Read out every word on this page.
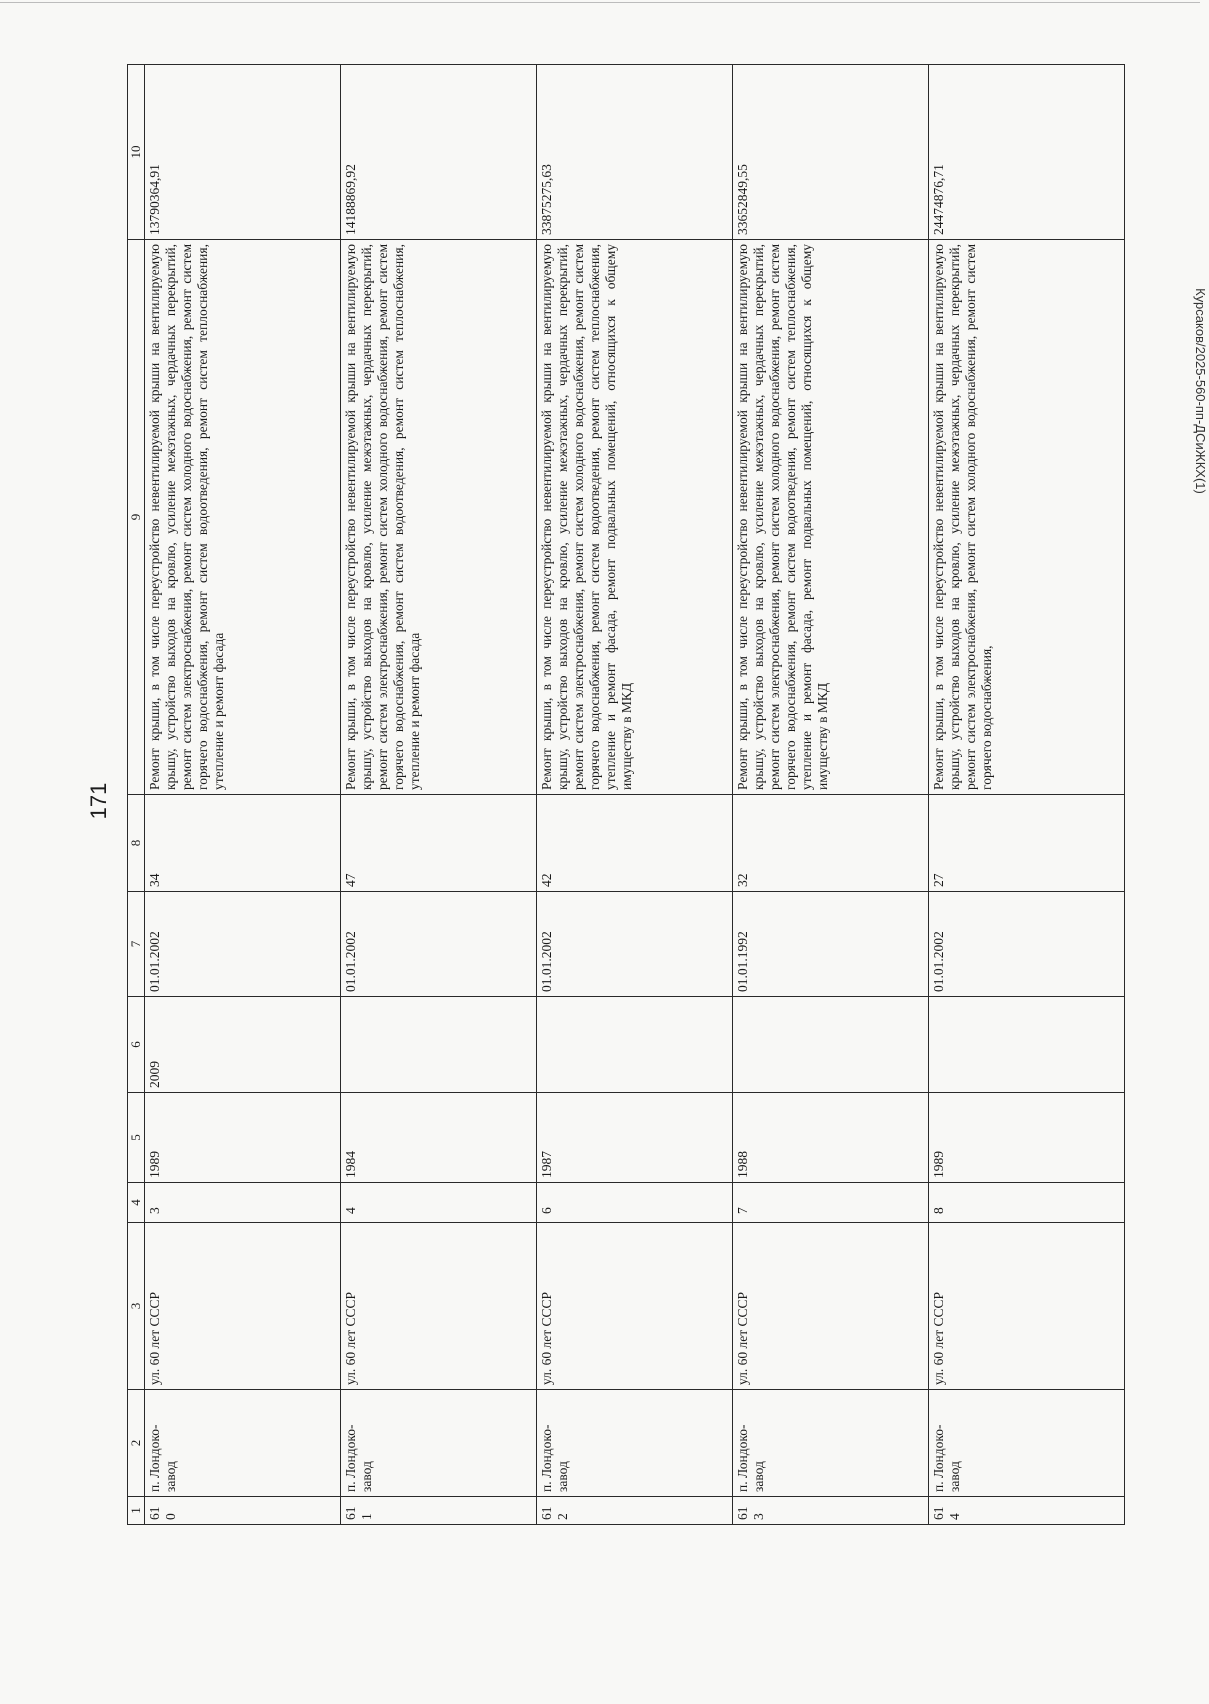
171
1	2	3	4	5	6	7	8	9	10
610	п. Лондоко-завод	ул. 60 лет СССР	3	1989	2009	01.01.2002	34	Ремонт крыши, в том числе переустройство невентилируемой крыши на вентилируемую крышу, устройство выходов на кровлю, усиление межэтажных, чердачных перекрытий, ремонт систем электроснабжения, ремонт систем холодного водоснабжения, ремонт систем горячего водоснабжения, ремонт систем водоотведения, ремонт систем теплоснабжения, утепление и ремонт фасада	13790364,91
611	п. Лондоко-завод	ул. 60 лет СССР	4	1984		01.01.2002	47	Ремонт крыши, в том числе переустройство невентилируемой крыши на вентилируемую крышу, устройство выходов на кровлю, усиление межэтажных, чердачных перекрытий, ремонт систем электроснабжения, ремонт систем холодного водоснабжения, ремонт систем горячего водоснабжения, ремонт систем водоотведения, ремонт систем теплоснабжения, утепление и ремонт фасада	14188869,92
612	п. Лондоко-завод	ул. 60 лет СССР	6	1987		01.01.2002	42	Ремонт крыши, в том числе переустройство невентилируемой крыши на вентилируемую крышу, устройство выходов на кровлю, усиление межэтажных, чердачных перекрытий, ремонт систем электроснабжения, ремонт систем холодного водоснабжения, ремонт систем горячего водоснабжения, ремонт систем водоотведения, ремонт систем теплоснабжения, утепление и ремонт фасада, ремонт подвальных помещений, относящихся к общему имуществу в МКД	33875275,63
613	п. Лондоко-завод	ул. 60 лет СССР	7	1988		01.01.1992	32	Ремонт крыши, в том числе переустройство невентилируемой крыши на вентилируемую крышу, устройство выходов на кровлю, усиление межэтажных, чердачных перекрытий, ремонт систем электроснабжения, ремонт систем холодного водоснабжения, ремонт систем горячего водоснабжения, ремонт систем водоотведения, ремонт систем теплоснабжения, утепление и ремонт фасада, ремонт подвальных помещений, относящихся к общему имуществу в МКД	33652849,55
614	п. Лондоко-завод	ул. 60 лет СССР	8	1989		01.01.2002	27	Ремонт крыши, в том числе переустройство невентилируемой крыши на вентилируемую крышу, устройство выходов на кровлю, усиление межэтажных, чердачных перекрытий, ремонт систем электроснабжения, ремонт систем холодного водоснабжения, ремонт систем горячего водоснабжения,	24474876,71
Курсаков/2025-560-пп-ДСиЖКХ(1)
